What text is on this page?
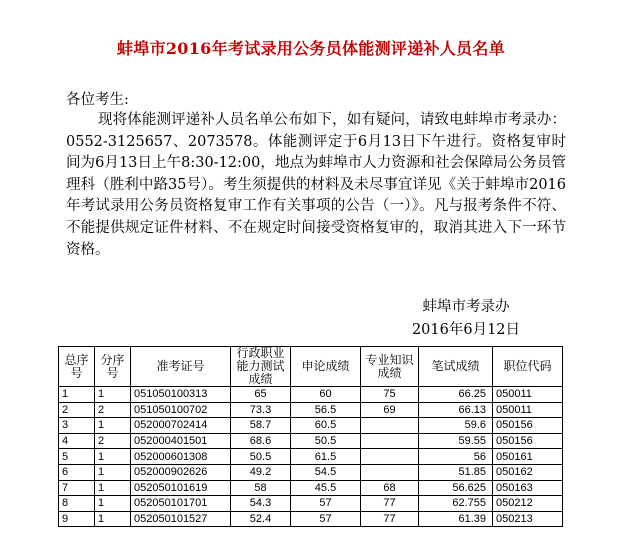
蚌埠市2016年考试录用公务员体能测评递补人员名单
各位考生:

现将体能测评递补人员名单公布如下，如有疑问，请致电蚌埠市考录办：0552-3125657、2073578。体能测评定于6月13日下午进行。资格复审时间为6月13日上午8:30-12:00，地点为蚌埠市人力资源和社会保障局公务员管理科（胜利中路35号）。考生须提供的材料及未尽事宜详见《关于蚌埠市2016年考试录用公务员资格复审工作有关事项的公告（一）》。凡与报考条件不符、不能提供规定证件材料、不在规定时间接受资格复审的，取消其进入下一环节资格。

蚌埠市考录办
2016年6月12日
总序号	分序号	准考证号	行政职业能力测试成绩	申论成绩	专业知识成绩	笔试成绩	职位代码
1	1	051050100313	65	60	75	66.25	050011
2	2	051050100702	73.3	56.5	69	66.13	050011
3	1	052000702414	58.7	60.5		59.6	050156
4	2	052000401501	68.6	50.5		59.55	050156
5	1	052000601308	50.5	61.5		56	050161
6	1	052000902626	49.2	54.5		51.85	050162
7	1	052050101619	58	45.5	68	56.625	050163
8	1	052050101701	54.3	57	77	62.755	050212
9	1	052050101527	52.4	57	77	61.39	050213
